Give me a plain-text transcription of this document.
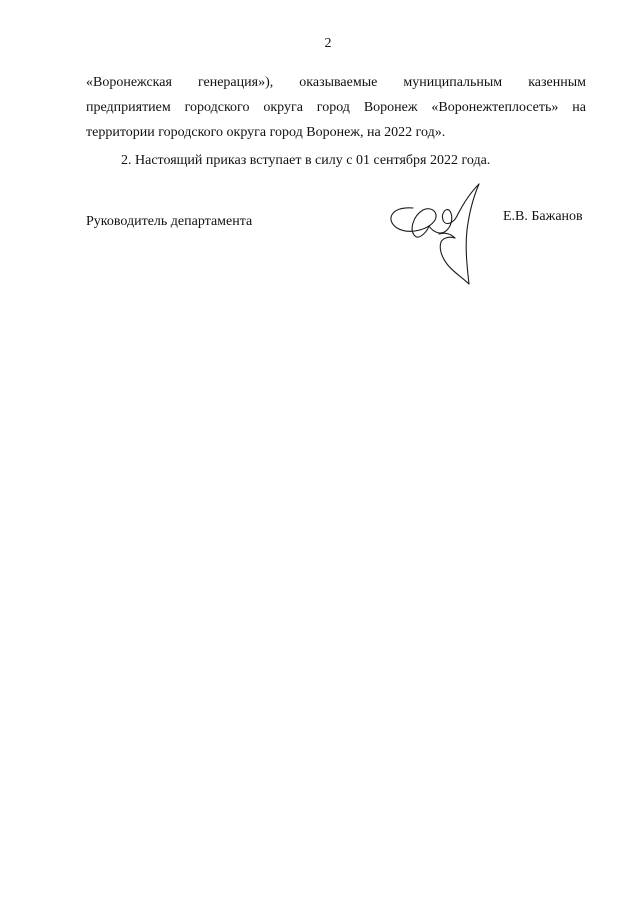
2
«Воронежская генерация»), оказываемые муниципальным казенным
предприятием городского округа город Воронеж «Воронежтеплосеть» на
территории городского округа город Воронеж, на 2022 год».
2. Настоящий приказ вступает в силу с 01 сентября 2022 года.
Руководитель департамента	Е.В. Бажанов
